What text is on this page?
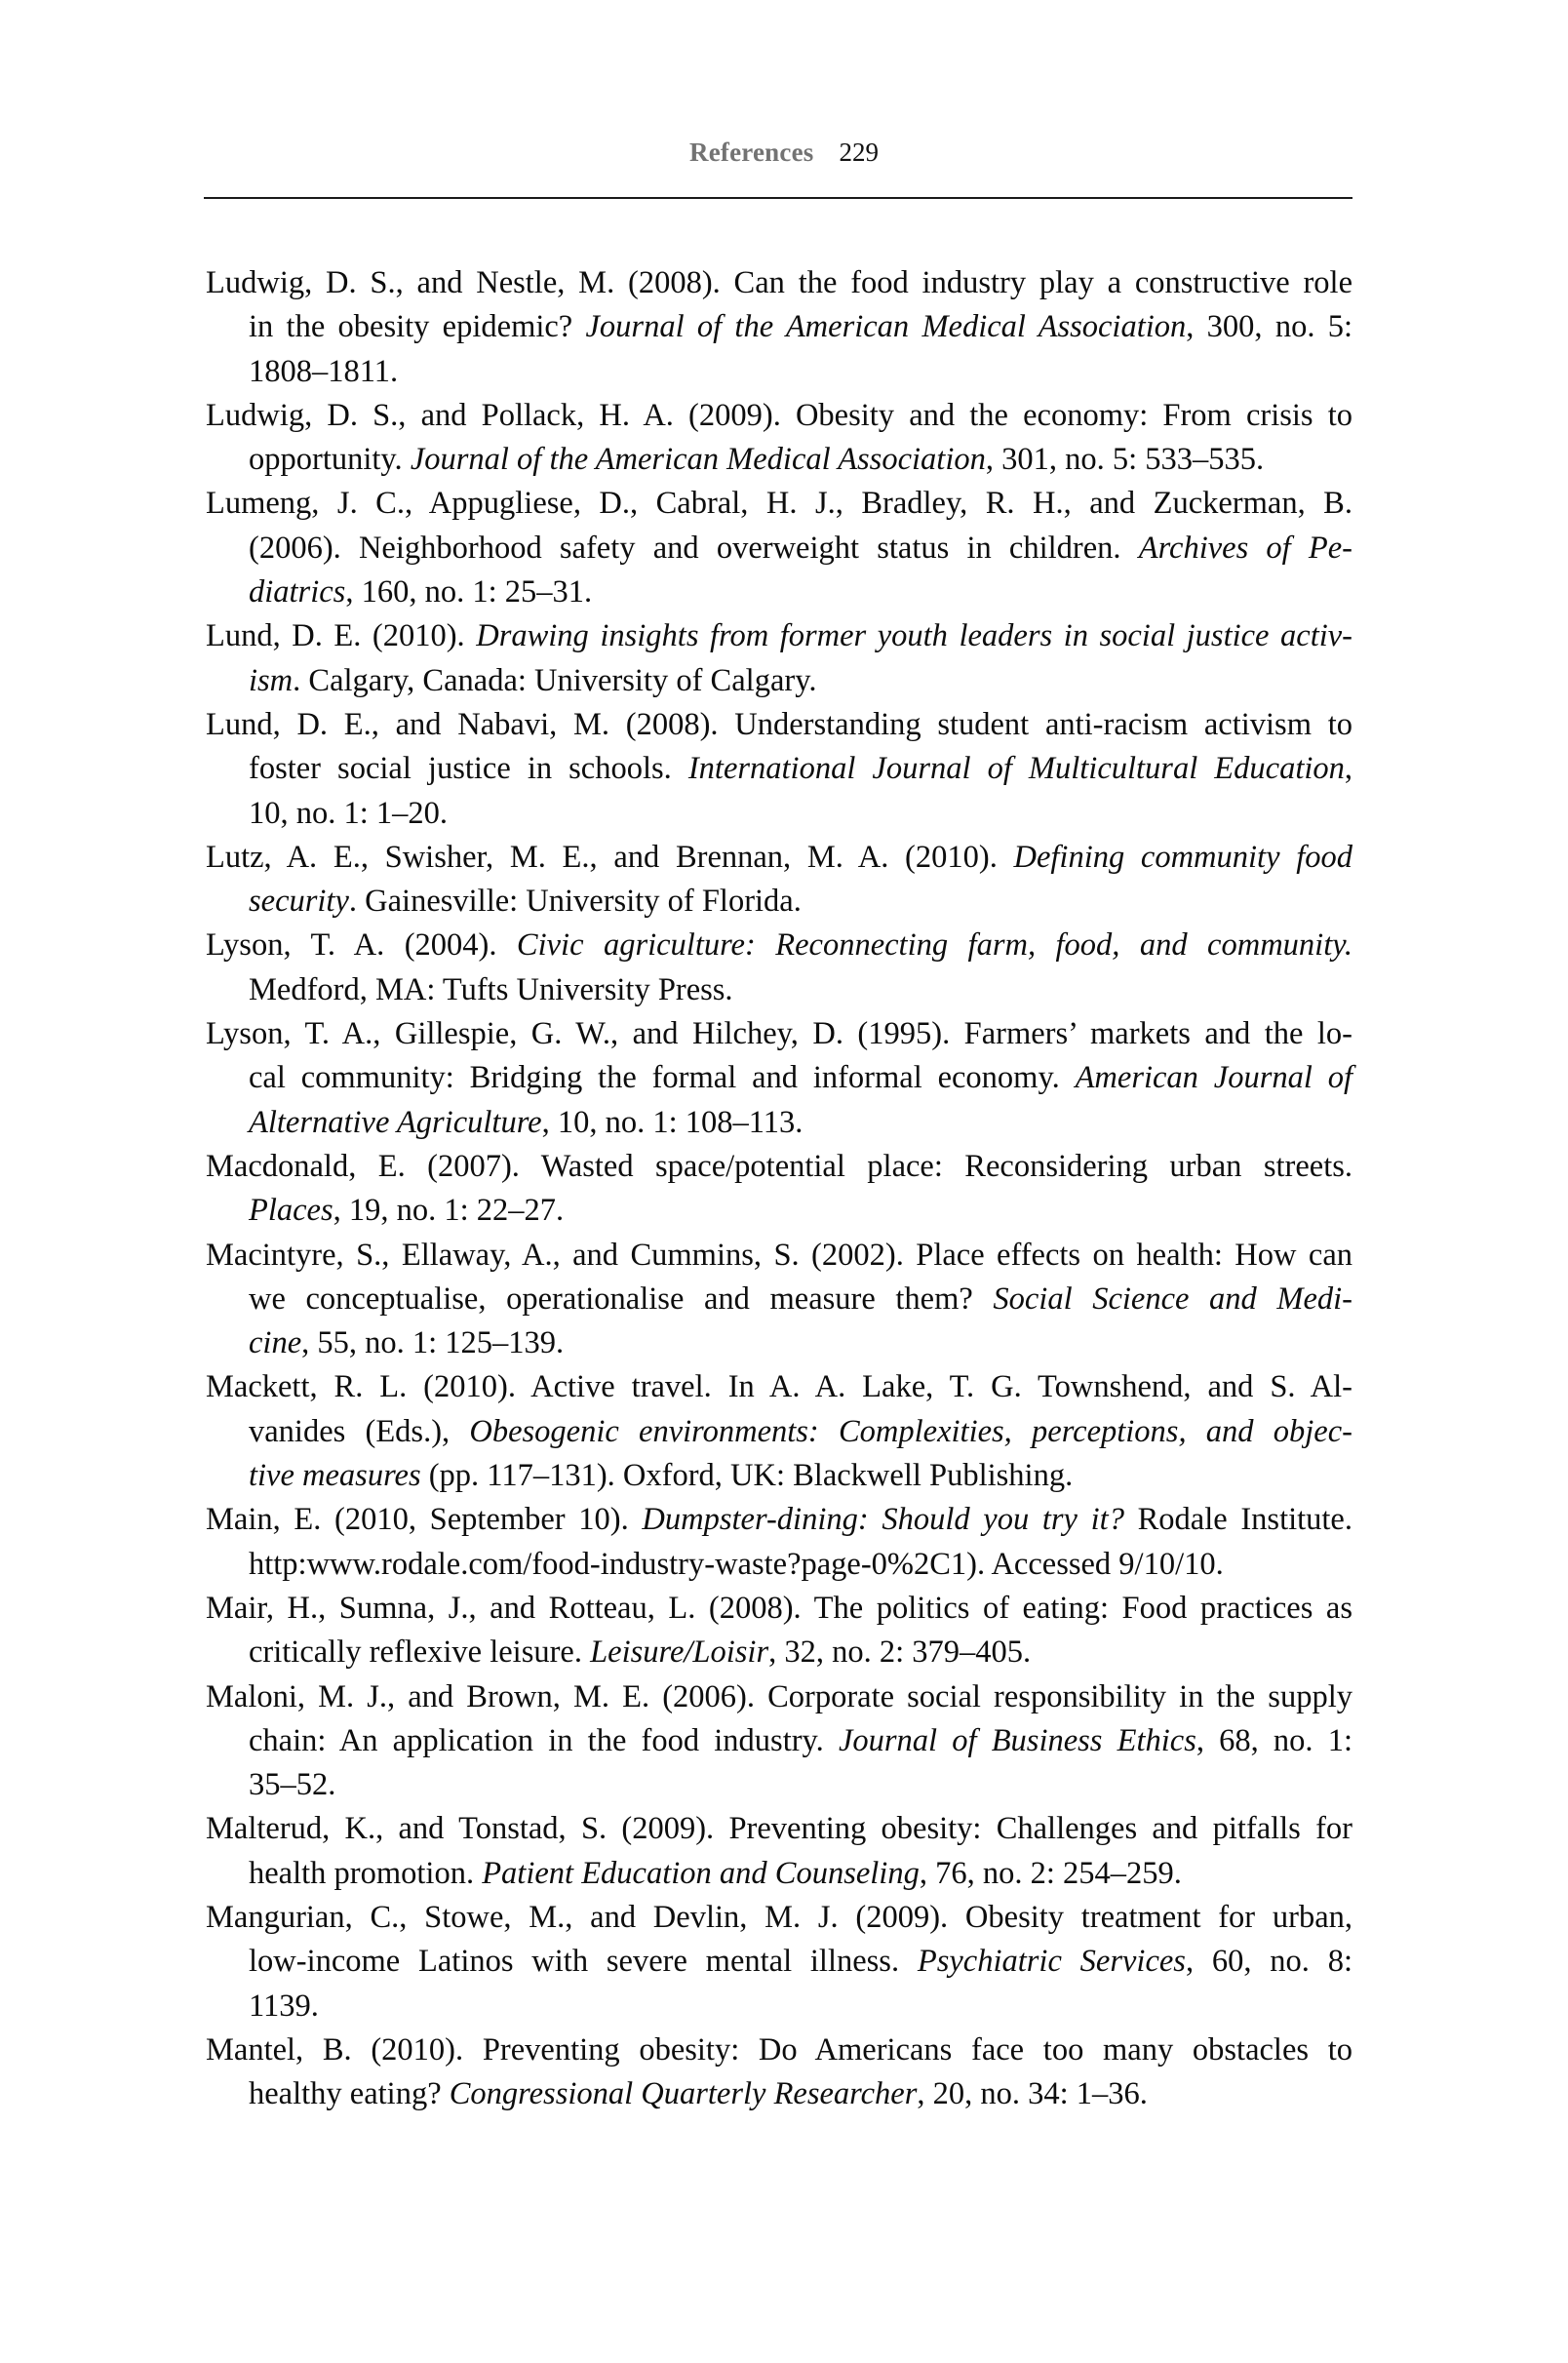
References 229
Ludwig, D. S., and Nestle, M. (2008). Can the food industry play a constructive role
in the obesity epidemic? Journal of the American Medical Association, 300, no. 5:
1808–1811.
Ludwig, D. S., and Pollack, H. A. (2009). Obesity and the economy: From crisis to
opportunity. Journal of the American Medical Association, 301, no. 5: 533–535.
Lumeng, J. C., Appugliese, D., Cabral, H. J., Bradley, R. H., and Zuckerman, B.
(2006). Neighborhood safety and overweight status in children. Archives of Pe-
diatrics, 160, no. 1: 25–31.
Lund, D. E. (2010). Drawing insights from former youth leaders in social justice activ-
ism. Calgary, Canada: University of Calgary.
Lund, D. E., and Nabavi, M. (2008). Understanding student anti-racism activism to
foster social justice in schools. International Journal of Multicultural Education,
10, no. 1: 1–20.
Lutz, A. E., Swisher, M. E., and Brennan, M. A. (2010). Defining community food
security. Gainesville: University of Florida.
Lyson, T. A. (2004). Civic agriculture: Reconnecting farm, food, and community.
Medford, MA: Tufts University Press.
Lyson, T. A., Gillespie, G. W., and Hilchey, D. (1995). Farmers’ markets and the lo-
cal community: Bridging the formal and informal economy. American Journal of
Alternative Agriculture, 10, no. 1: 108–113.
Macdonald, E. (2007). Wasted space/potential place: Reconsidering urban streets.
Places, 19, no. 1: 22–27.
Macintyre, S., Ellaway, A., and Cummins, S. (2002). Place effects on health: How can
we conceptualise, operationalise and measure them? Social Science and Medi-
cine, 55, no. 1: 125–139.
Mackett, R. L. (2010). Active travel. In A. A. Lake, T. G. Townshend, and S. Al-
vanides (Eds.), Obesogenic environments: Complexities, perceptions, and objec-
tive measures (pp. 117–131). Oxford, UK: Blackwell Publishing.
Main, E. (2010, September 10). Dumpster-dining: Should you try it? Rodale Institute.
http:www.rodale.com/food-industry-waste?page-0%2C1). Accessed 9/10/10.
Mair, H., Sumna, J., and Rotteau, L. (2008). The politics of eating: Food practices as
critically reflexive leisure. Leisure/Loisir, 32, no. 2: 379–405.
Maloni, M. J., and Brown, M. E. (2006). Corporate social responsibility in the supply
chain: An application in the food industry. Journal of Business Ethics, 68, no. 1:
35–52.
Malterud, K., and Tonstad, S. (2009). Preventing obesity: Challenges and pitfalls for
health promotion. Patient Education and Counseling, 76, no. 2: 254–259.
Mangurian, C., Stowe, M., and Devlin, M. J. (2009). Obesity treatment for urban,
low-income Latinos with severe mental illness. Psychiatric Services, 60, no. 8:
1139.
Mantel, B. (2010). Preventing obesity: Do Americans face too many obstacles to
healthy eating? Congressional Quarterly Researcher, 20, no. 34: 1–36.
